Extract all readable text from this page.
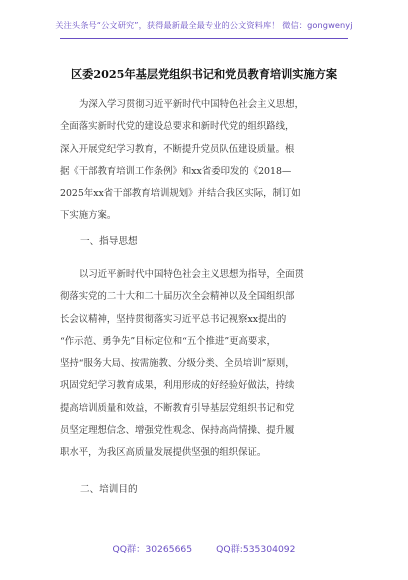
关注头条号“公文研究”，获得最新最全最专业的公文资料库！ 微信：gongwenyj
区委2025年基层党组织书记和党员教育培训实施方案
为深入学习贯彻习近平新时代中国特色社会主义思想，
全面落实新时代党的建设总要求和新时代党的组织路线，
深入开展党纪学习教育，不断提升党员队伍建设质量。根
据《干部教育培训工作条例》和xx省委印发的《2018—
2025年xx省干部教育培训规划》并结合我区实际，制订如
下实施方案。
一、指导思想
以习近平新时代中国特色社会主义思想为指导，全面贯
彻落实党的二十大和二十届历次全会精神以及全国组织部
长会议精神，坚持贯彻落实习近平总书记视察xx提出的
“作示范、勇争先”目标定位和“五个推进”更高要求，
坚持“服务大局、按需施教、分级分类、全员培训”原则，
巩固党纪学习教育成果，利用形成的好经验好做法，持续
提高培训质量和效益，不断教育引导基层党组织书记和党
员坚定理想信念、增强党性观念、保持高尚情操、提升履
职水平，为我区高质量发展提供坚强的组织保证。
二、培训目的
QQ群：30265665	QQ群:535304092
